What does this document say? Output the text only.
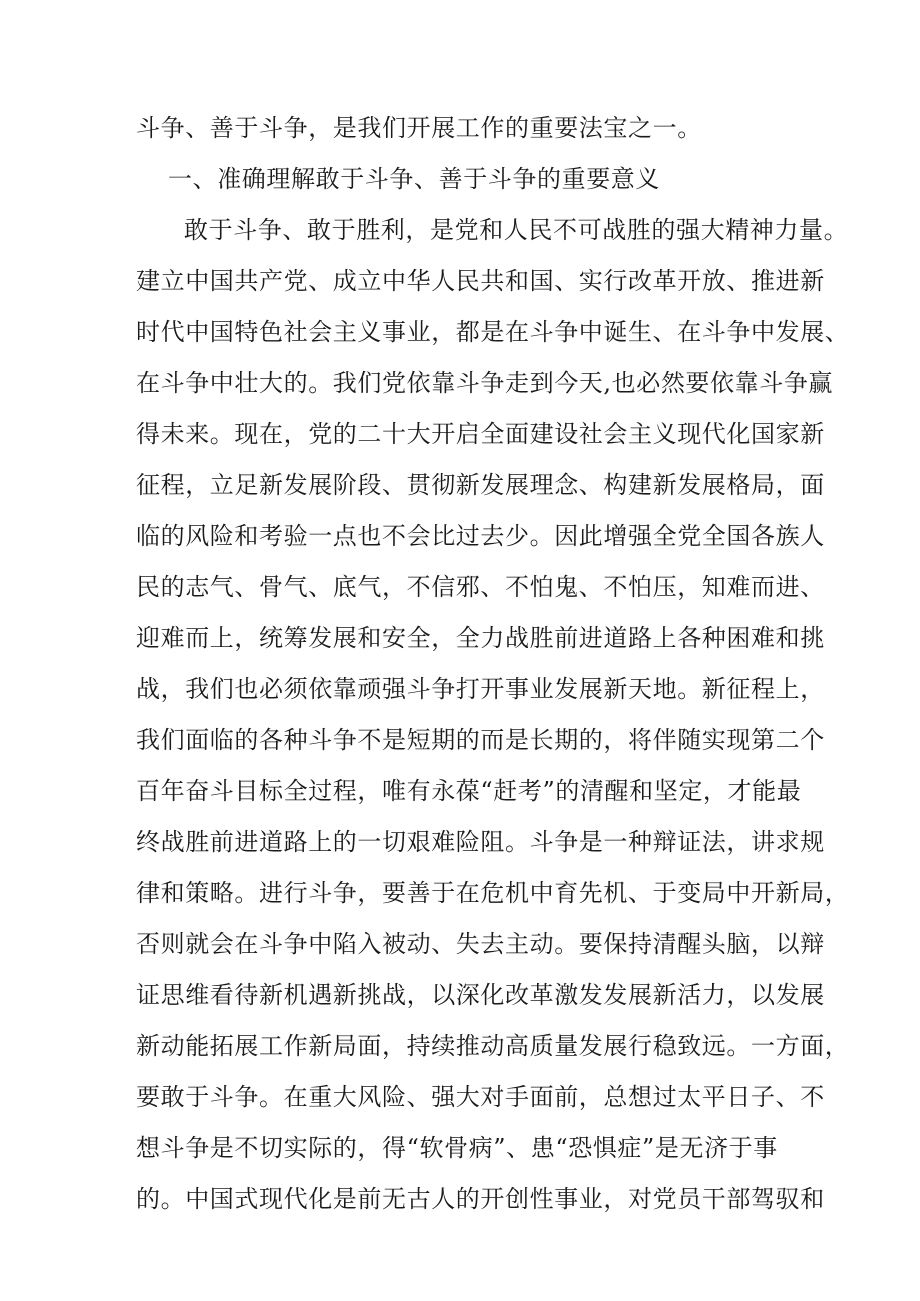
斗争、善于斗争，是我们开展工作的重要法宝之一。
一、准确理解敢于斗争、善于斗争的重要意义
敢于斗争、敢于胜利，是党和人民不可战胜的强大精神力量。
建立中国共产党、成立中华人民共和国、实行改革开放、推进新
时代中国特色社会主义事业，都是在斗争中诞生、在斗争中发展、
在斗争中壮大的。我们党依靠斗争走到今天,也必然要依靠斗争赢
得未来。现在，党的二十大开启全面建设社会主义现代化国家新
征程，立足新发展阶段、贯彻新发展理念、构建新发展格局，面
临的风险和考验一点也不会比过去少。因此增强全党全国各族人
民的志气、骨气、底气，不信邪、不怕鬼、不怕压，知难而进、
迎难而上，统筹发展和安全，全力战胜前进道路上各种困难和挑
战，我们也必须依靠顽强斗争打开事业发展新天地。新征程上，
我们面临的各种斗争不是短期的而是长期的，将伴随实现第二个
百年奋斗目标全过程，唯有永葆“赶考”的清醒和坚定，才能最
终战胜前进道路上的一切艰难险阻。斗争是一种辩证法，讲求规
律和策略。进行斗争，要善于在危机中育先机、于变局中开新局，
否则就会在斗争中陷入被动、失去主动。要保持清醒头脑，以辩
证思维看待新机遇新挑战，以深化改革激发发展新活力，以发展
新动能拓展工作新局面，持续推动高质量发展行稳致远。一方面，
要敢于斗争。在重大风险、强大对手面前，总想过太平日子、不
想斗争是不切实际的，得“软骨病”、患“恐惧症”是无济于事
的。中国式现代化是前无古人的开创性事业，对党员干部驾驭和
